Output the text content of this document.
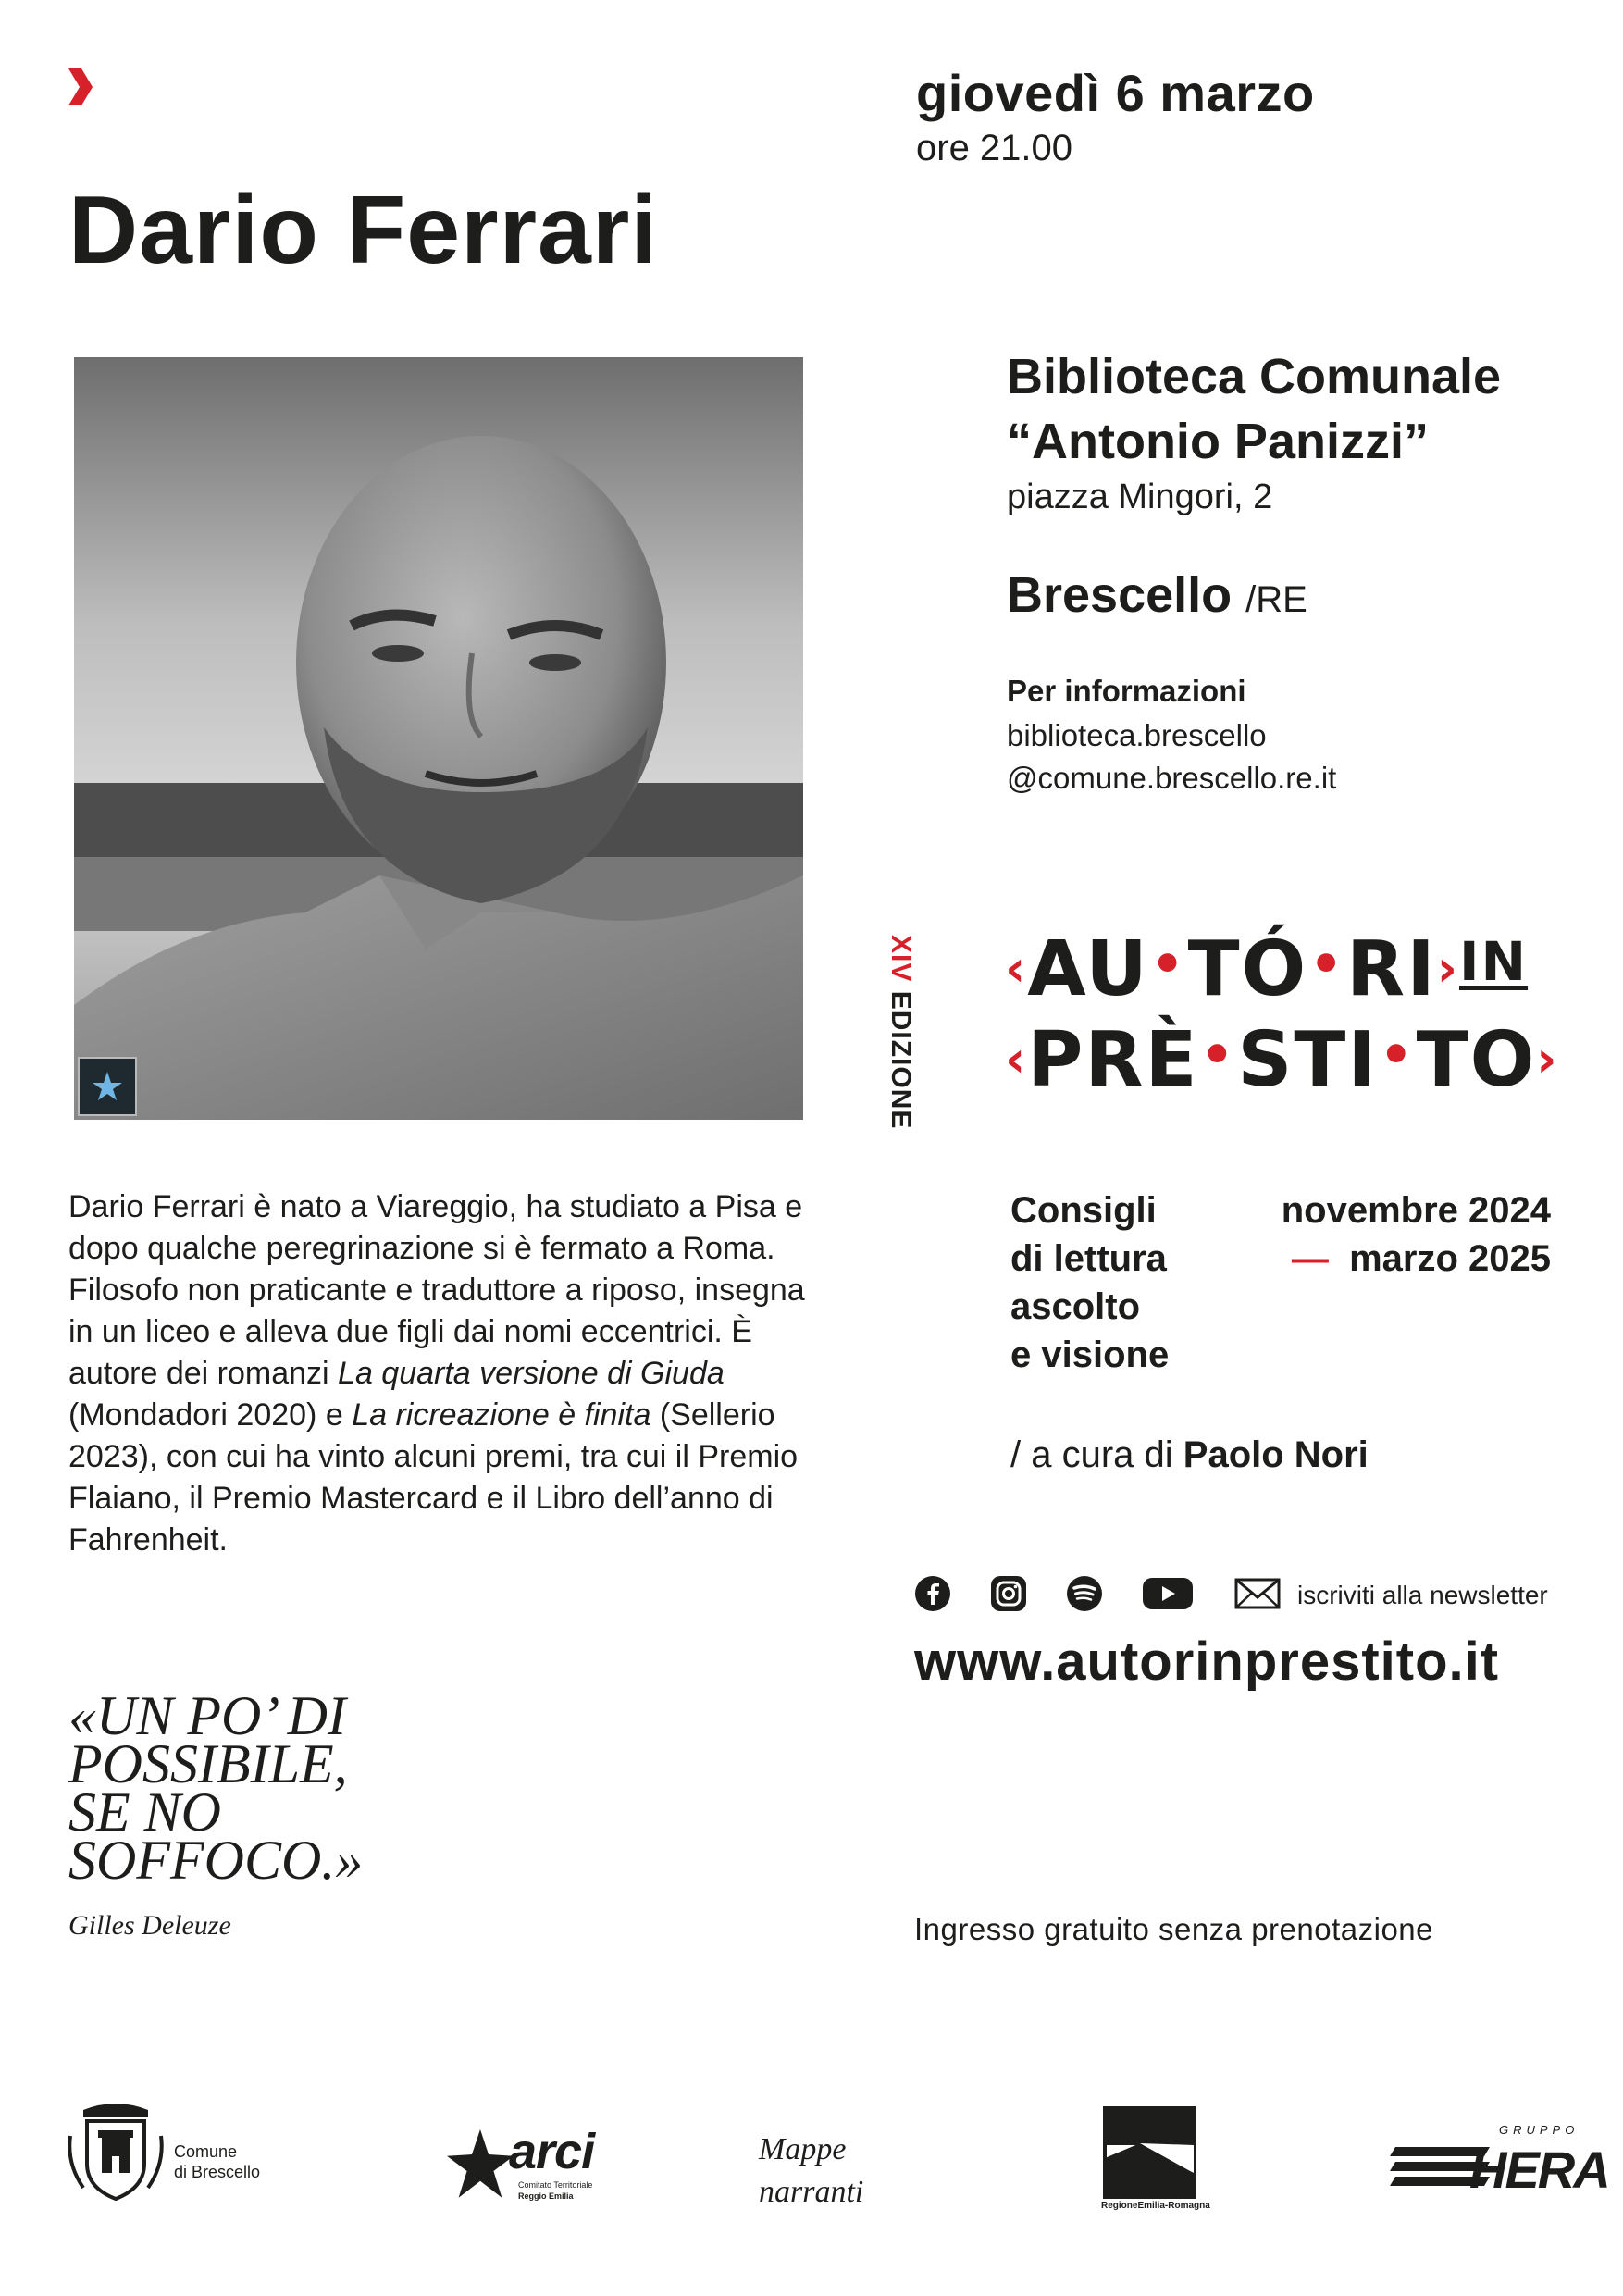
giovedì 6 marzo
ore 21.00
Dario Ferrari
Biblioteca Comunale
“Antonio Panizzi”
piazza Mingori, 2
Brescello /RE
Per informazioni
biblioteca.brescello
@comune.brescello.re.it
XIV EDIZIONE
‹AU•TÓ•RI›IN
‹PRÈ•STI•TO›
Consigli
di lettura
ascolto
e visione
novembre 2024
— marzo 2025
/ a cura di Paolo Nori
iscriviti alla newsletter
www.autorinprestito.it
Dario Ferrari è nato a Viareggio, ha studiato a Pisa e dopo qualche peregrinazione si è fermato a Roma. Filosofo non praticante e traduttore a riposo, insegna in un liceo e alleva due figli dai nomi eccentrici. È autore dei romanzi La quarta versione di Giuda (Mondadori 2020) e La ricreazione è finita (Sellerio 2023), con cui ha vinto alcuni premi, tra cui il Premio Flaiano, il Premio Mastercard e il Libro dell’anno di Fahrenheit.
«UN PO’ DI
POSSIBILE,
SE NO
SOFFOCO.»
Gilles Deleuze	Ingresso gratuito senza prenotazione
Comune
di Brescello	arci
Comitato Territoriale
Reggio Emilia
Mappe
narranti	RegioneEmilia-Romagna
GRUPPO
HERA
